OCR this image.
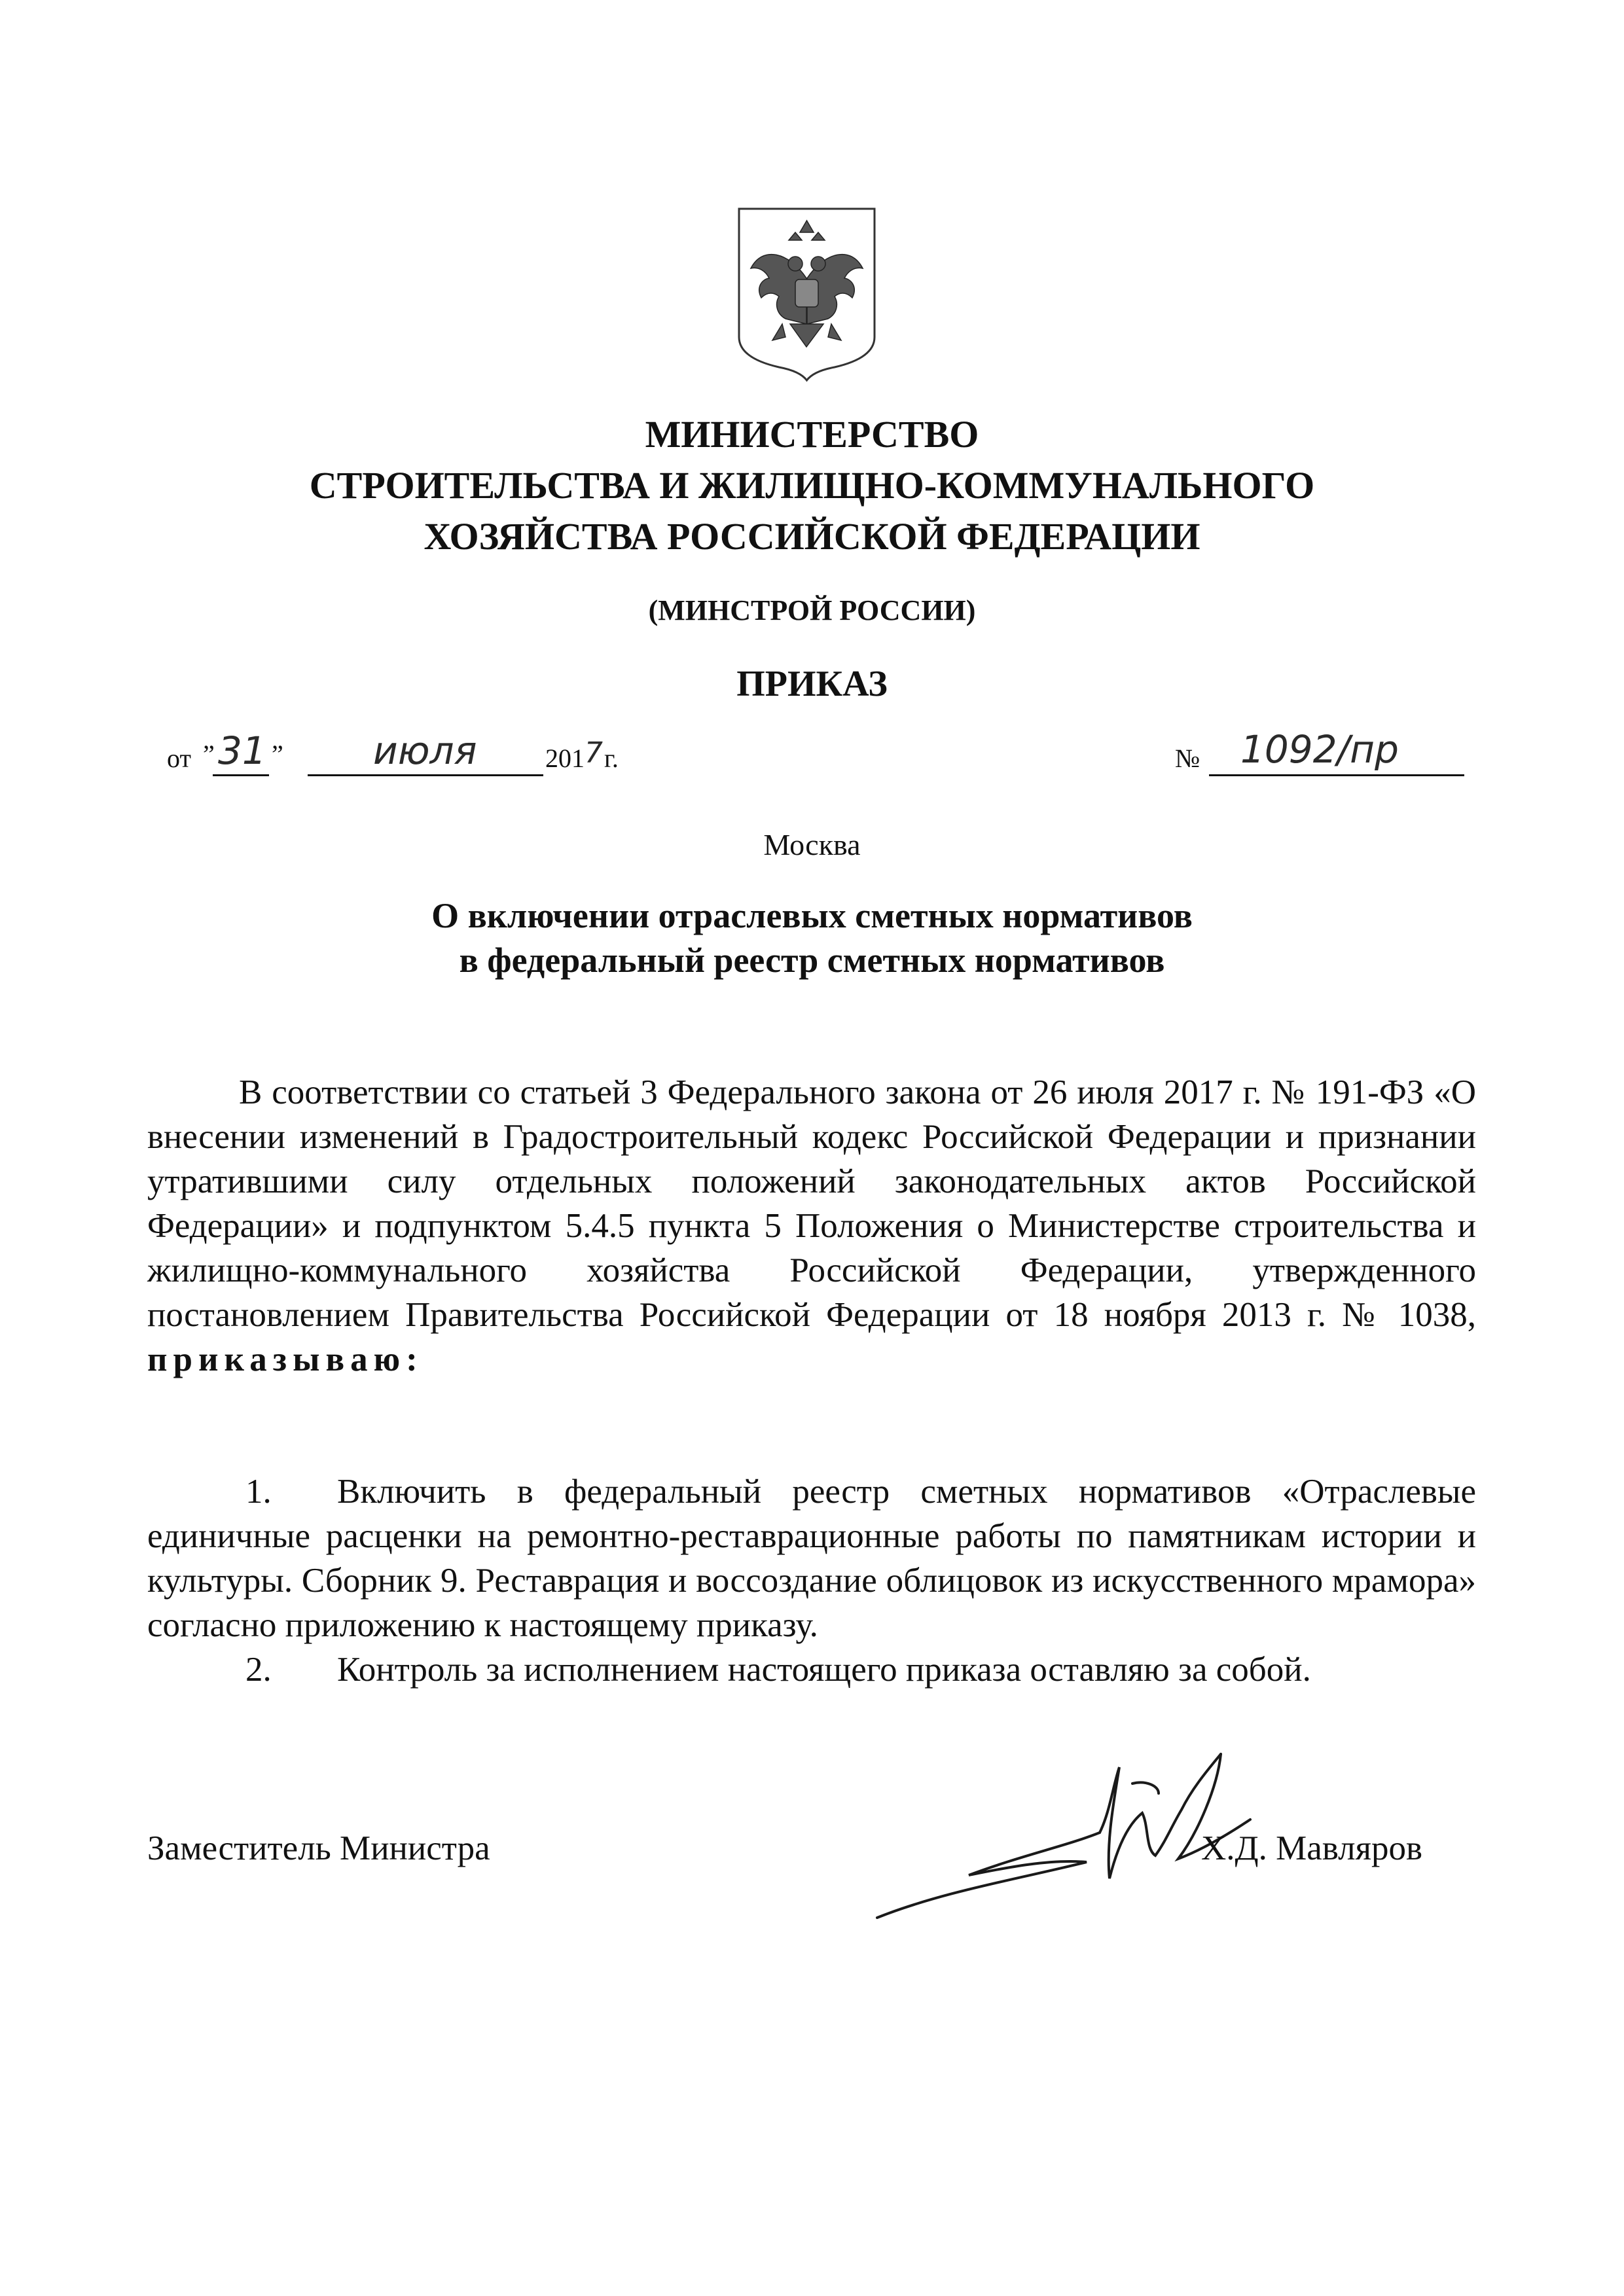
МИНИСТЕРСТВО
СТРОИТЕЛЬСТВА И ЖИЛИЩНО-КОММУНАЛЬНОГО
ХОЗЯЙСТВА РОССИЙСКОЙ ФЕДЕРАЦИИ
(МИНСТРОЙ РОССИИ)
ПРИКАЗ
от ” 31 ” июля	201 7 г.	№ 1092/пр
Москва
О включении отраслевых сметных нормативов
в федеральный реестр сметных нормативов

В соответствии со статьей 3 Федерального закона от 26 июля 2017 г. № 191-ФЗ «О внесении изменений в Градостроительный кодекс Российской Федерации и признании утратившими силу отдельных положений законодательных актов Российской Федерации» и подпунктом 5.4.5 пункта 5 Положения о Министерстве строительства и жилищно-коммунального хозяйства Российской Федерации, утвержденного постановлением Правительства Российской Федерации от 18 ноября 2013 г. № 1038, приказываю:

1. Включить в федеральный реестр сметных нормативов «Отраслевые единичные расценки на ремонтно-реставрационные работы по памятникам истории и культуры. Сборник 9. Реставрация и воссоздание облицовок из искусственного мрамора» согласно приложению к настоящему приказу.

2. Контроль за исполнением настоящего приказа оставляю за собой.

Заместитель Министра	Х.Д. Мавляров
